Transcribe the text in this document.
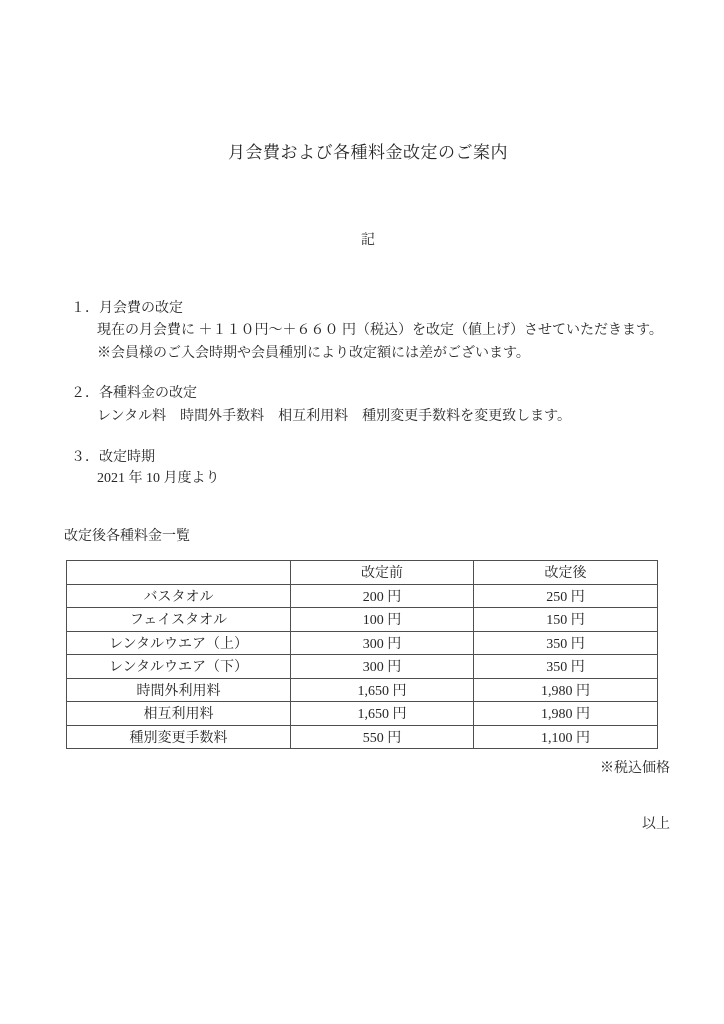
月会費および各種料金改定のご案内
記
１．月会費の改定
現在の月会費に ＋１１０円～＋６６０ 円（税込）を改定（値上げ）させていただきます。
※会員様のご入会時期や会員種別により改定額には差がございます。
２．各種料金の改定
レンタル料　時間外手数料　相互利用料　種別変更手数料を変更致します。
３．改定時期
2021 年 10 月度より
改定後各種料金一覧
	改定前	改定後
バスタオル	200 円	250 円
フェイスタオル	100 円	150 円
レンタルウエア（上）	300 円	350 円
レンタルウエア（下）	300 円	350 円
時間外利用料	1,650 円	1,980 円
相互利用料	1,650 円	1,980 円
種別変更手数料	550 円	1,100 円
※税込価格
以上
